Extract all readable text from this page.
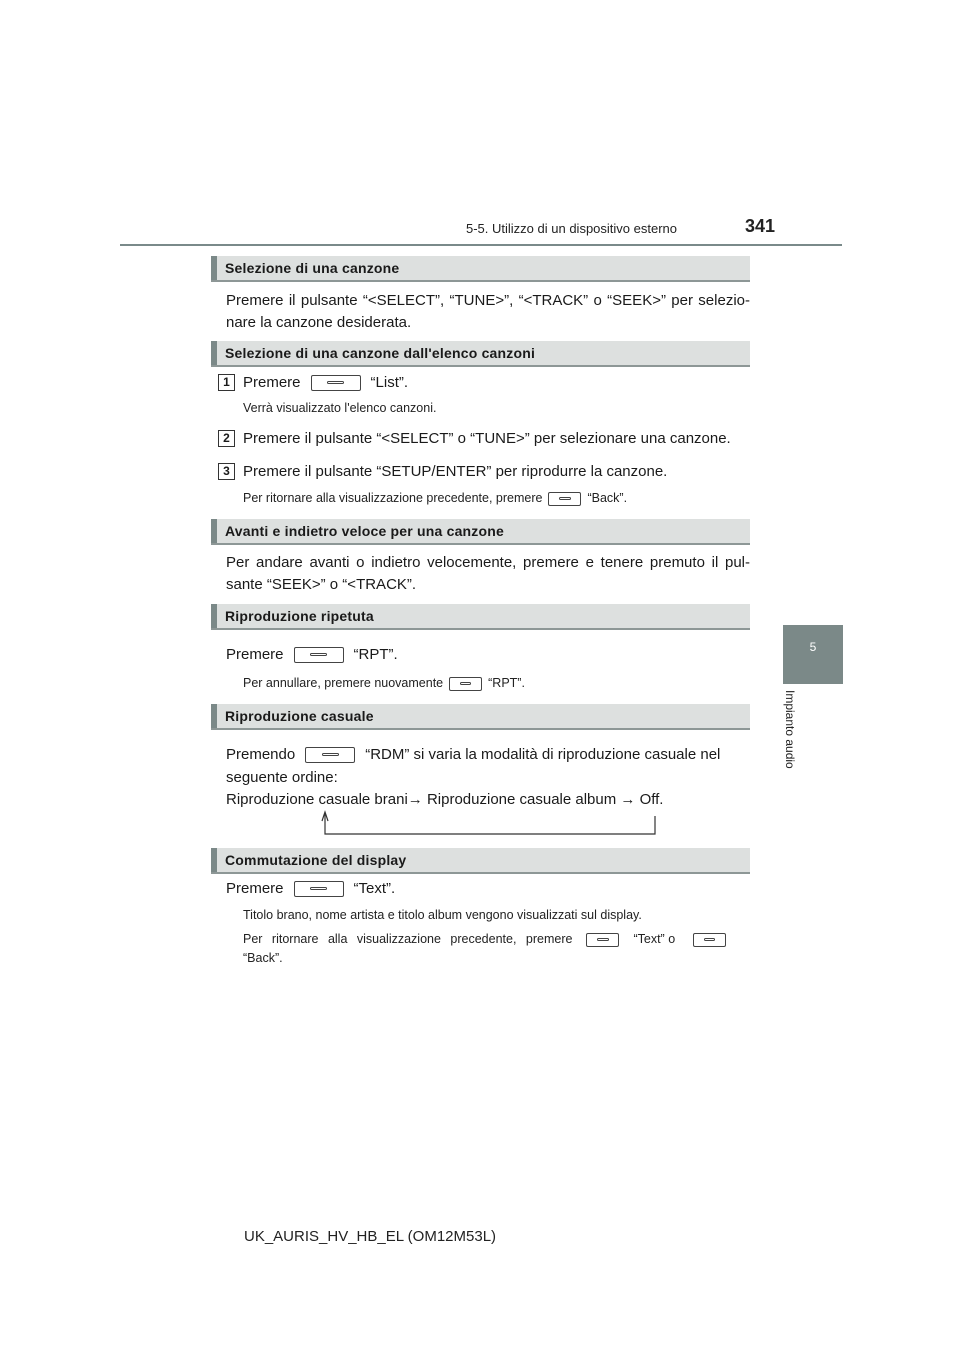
5-5. Utilizzo di un dispositivo esterno	341
5
Impianto audio
Selezione di una canzone
Premere il pulsante “<SELECT”, “TUNE>”, “<TRACK” o “SEEK>” per selezio-
nare la canzone desiderata.
Selezione di una canzone dall'elenco canzoni
1 Premere	“List”.
Verrà visualizzato l'elenco canzoni.
2 Premere il pulsante “<SELECT” o “TUNE>” per selezionare una canzone.
3 Premere il pulsante “SETUP/ENTER” per riprodurre la canzone.
Per ritornare alla visualizzazione precedente, premere	“Back”.
Avanti e indietro veloce per una canzone
Per andare avanti o indietro velocemente, premere e tenere premuto il pul-
sante “SEEK>” o “<TRACK”.
Riproduzione ripetuta
Premere	“RPT”.
Per annullare, premere nuovamente	“RPT”.
Riproduzione casuale
Premendo	“RDM” si varia la modalità di riproduzione casuale nel
seguente ordine:
Riproduzione casuale brani→ Riproduzione casuale album → Off.
Commutazione del display
Premere	“Text”.
Titolo brano, nome artista e titolo album vengono visualizzati sul display.
Per ritornare alla visualizzazione precedente, premere	“Text” o
“Back”.
UK_AURIS_HV_HB_EL (OM12M53L)
